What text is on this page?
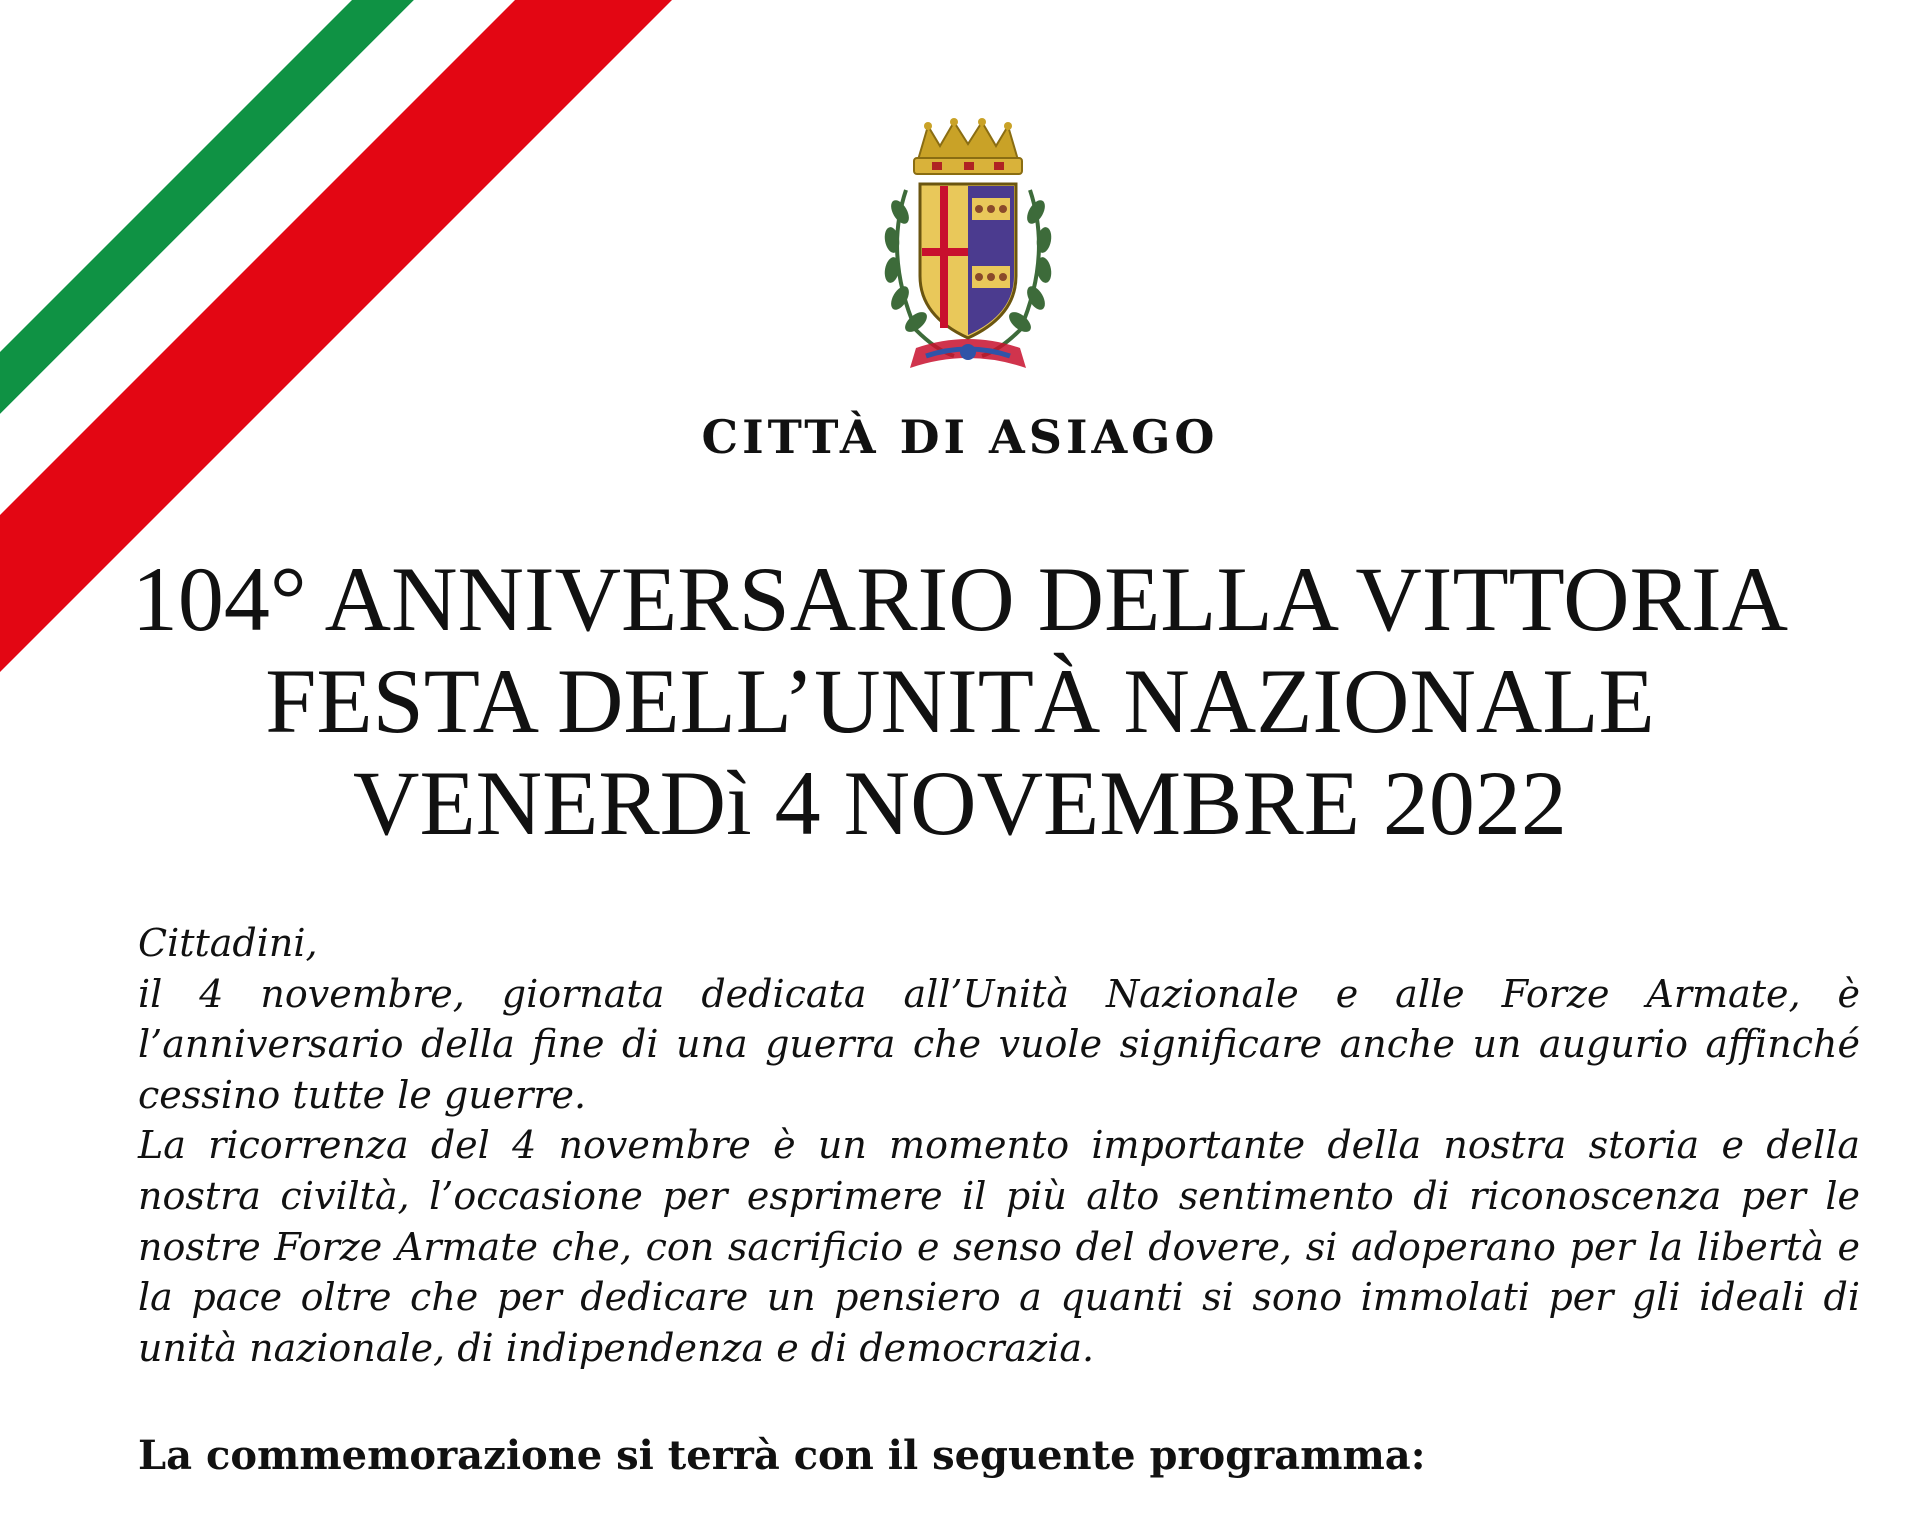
CITTÀ DI ASIAGO
104° ANNIVERSARIO DELLA VITTORIA
FESTA DELL’UNITÀ NAZIONALE
VENERDì 4 NOVEMBRE 2022

Cittadini,

il 4 novembre, giornata dedicata all’Unità Nazionale e alle Forze Armate, è l’anniversario della fine di una guerra che vuole significare anche un augurio affinché cessino tutte le guerre.

La ricorrenza del 4 novembre è un momento importante della nostra storia e della nostra civiltà, l’occasione per esprimere il più alto sentimento di riconoscenza per le nostre Forze Armate che, con sacrificio e senso del dovere, si adoperano per la libertà e la pace oltre che per dedicare un pensiero a quanti si sono immolati per gli ideali di unità nazionale, di indipendenza e di democrazia.

La commemorazione si terrà con il seguente programma:
